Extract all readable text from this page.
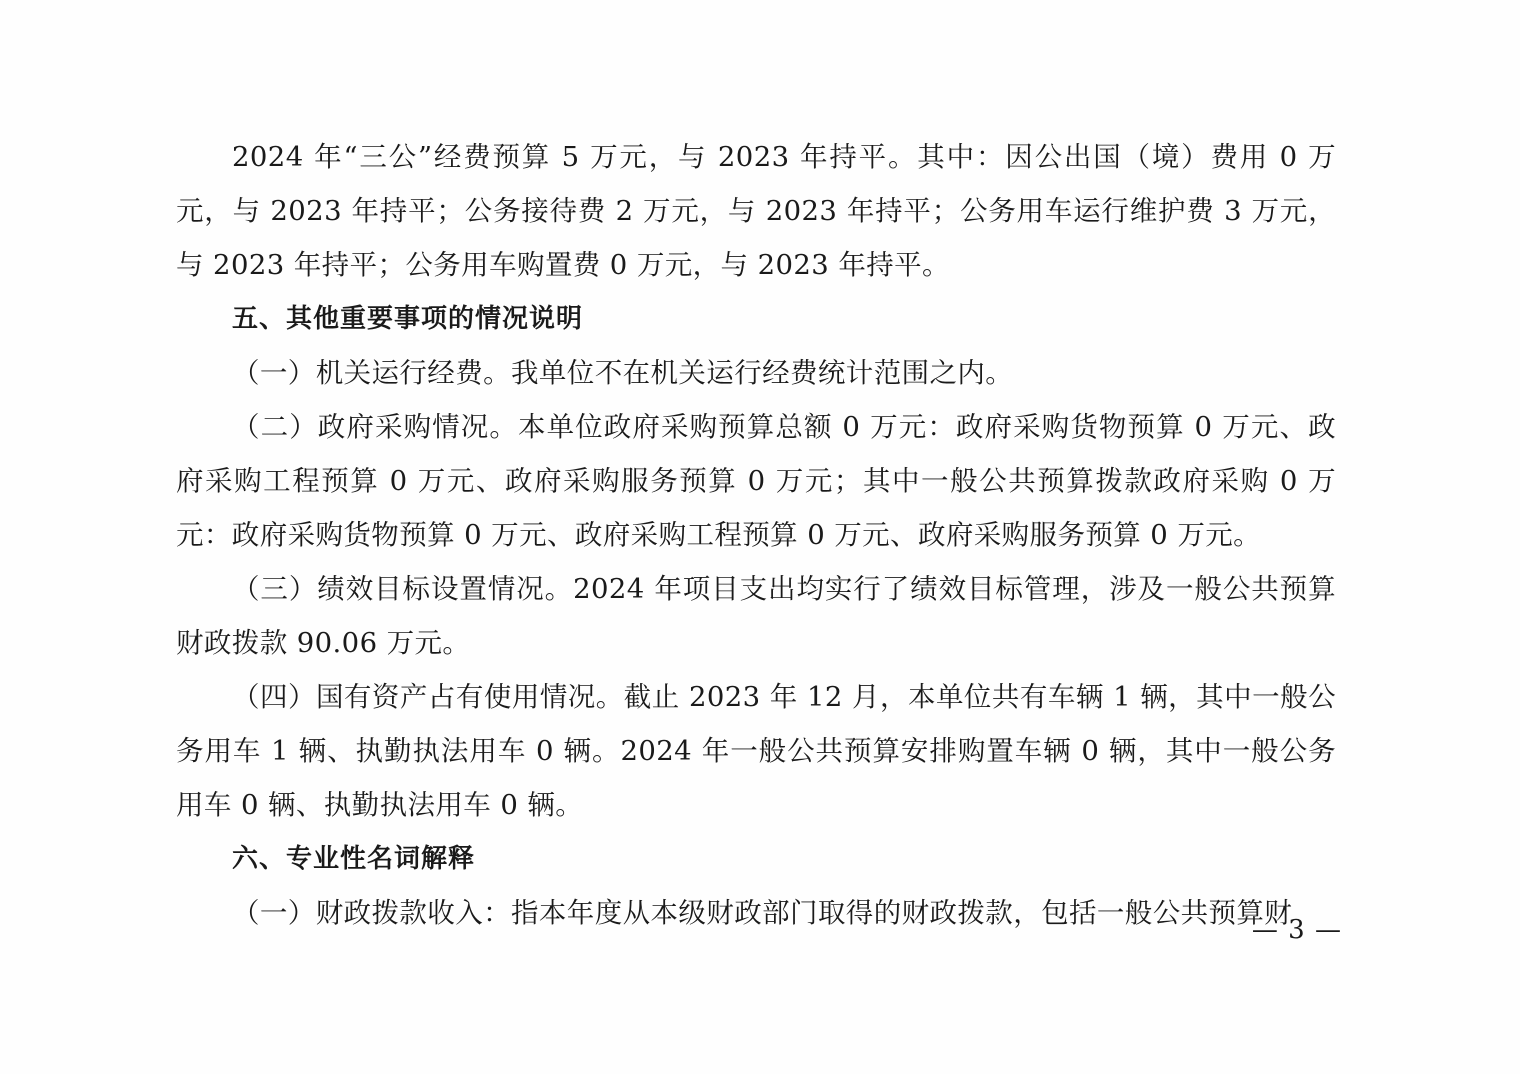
2024 年“三公”经费预算 5 万元，与 2023 年持平。其中：因公出国（境）费用 0 万元，与 2023 年持平；公务接待费 2 万元，与 2023 年持平；公务用车运行维护费 3 万元，与 2023 年持平；公务用车购置费 0 万元，与 2023 年持平。

五、其他重要事项的情况说明

（一）机关运行经费。我单位不在机关运行经费统计范围之内。

（二）政府采购情况。本单位政府采购预算总额 0 万元：政府采购货物预算 0 万元、政府采购工程预算 0 万元、政府采购服务预算 0 万元；其中一般公共预算拨款政府采购 0 万元：政府采购货物预算 0 万元、政府采购工程预算 0 万元、政府采购服务预算 0 万元。

（三）绩效目标设置情况。2024 年项目支出均实行了绩效目标管理，涉及一般公共预算财政拨款 90.06 万元。

（四）国有资产占有使用情况。截止 2023 年 12 月，本单位共有车辆 1 辆，其中一般公务用车 1 辆、执勤执法用车 0 辆。2024 年一般公共预算安排购置车辆 0 辆，其中一般公务用车 0 辆、执勤执法用车 0 辆。

六、专业性名词解释

（一）财政拨款收入：指本年度从本级财政部门取得的财政拨款，包括一般公共预算财

— 3 —
